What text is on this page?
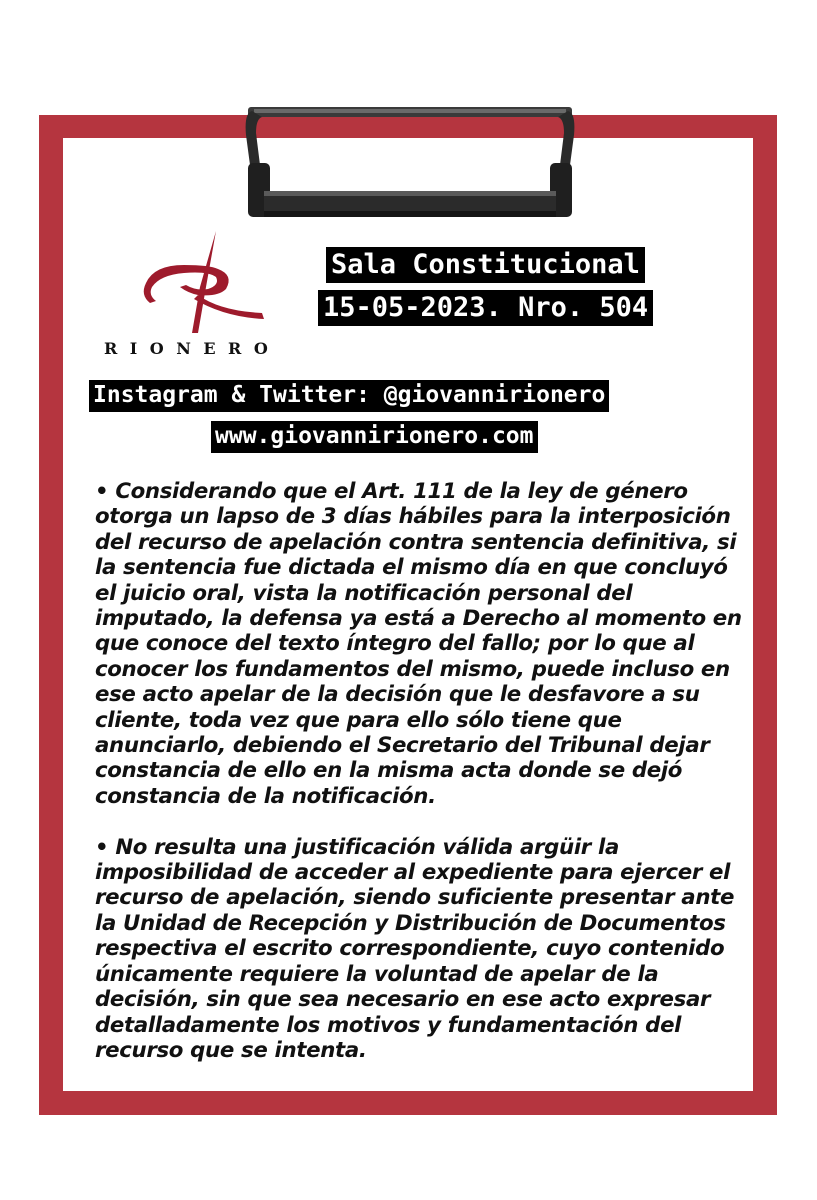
RIONERO
Sala Constitucional
15-05-2023. Nro. 504
Instagram & Twitter: @giovannirionero
www.giovannirionero.com

• Considerando que el Art. 111 de la ley de género otorga un lapso de 3 días hábiles para la interposición del recurso de apelación contra sentencia definitiva, si la sentencia fue dictada el mismo día en que concluyó el juicio oral, vista la notificación personal del imputado, la defensa ya está a Derecho al momento en que conoce del texto íntegro del fallo; por lo que al conocer los fundamentos del mismo, puede incluso en ese acto apelar de la decisión que le desfavore a su cliente, toda vez que para ello sólo tiene que anunciarlo, debiendo el Secretario del Tribunal dejar constancia de ello en la misma acta donde se dejó constancia de la notificación.

• No resulta una justificación válida argüir la imposibilidad de acceder al expediente para ejercer el recurso de apelación, siendo suficiente presentar ante la Unidad de Recepción y Distribución de Documentos respectiva el escrito correspondiente, cuyo contenido únicamente requiere la voluntad de apelar de la decisión, sin que sea necesario en ese acto expresar detalladamente los motivos y fundamentación del recurso que se intenta.
